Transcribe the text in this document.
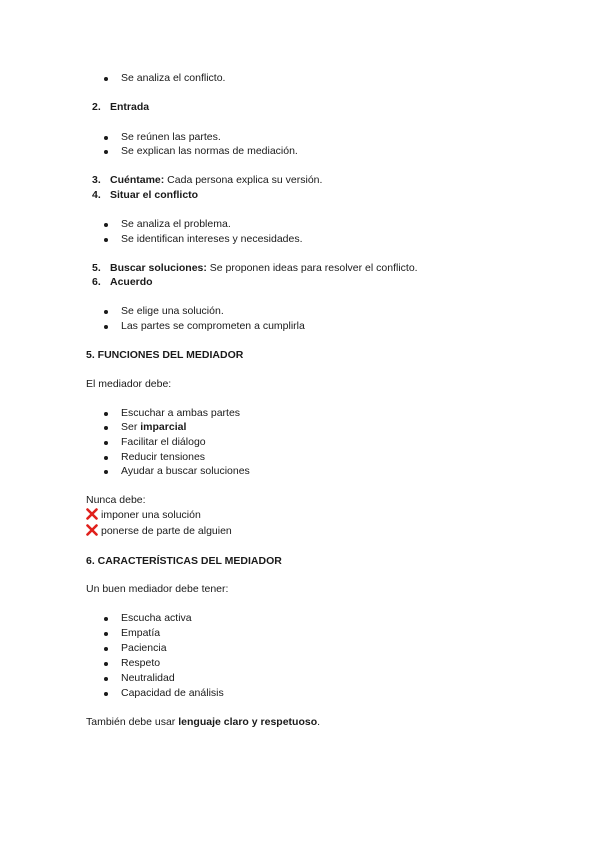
Se analiza el conflicto.
2. Entrada
Se reúnen las partes.
Se explican las normas de mediación.
3. Cuéntame: Cada persona explica su versión.
4. Situar el conflicto
Se analiza el problema.
Se identifican intereses y necesidades.
5. Buscar soluciones: Se proponen ideas para resolver el conflicto.
6. Acuerdo
Se elige una solución.
Las partes se comprometen a cumplirla
5. FUNCIONES DEL MEDIADOR
El mediador debe:
Escuchar a ambas partes
Ser imparcial
Facilitar el diálogo
Reducir tensiones
Ayudar a buscar soluciones
Nunca debe:
imponer una solución
ponerse de parte de alguien
6. CARACTERÍSTICAS DEL MEDIADOR
Un buen mediador debe tener:
Escucha activa
Empatía
Paciencia
Respeto
Neutralidad
Capacidad de análisis
También debe usar lenguaje claro y respetuoso.
